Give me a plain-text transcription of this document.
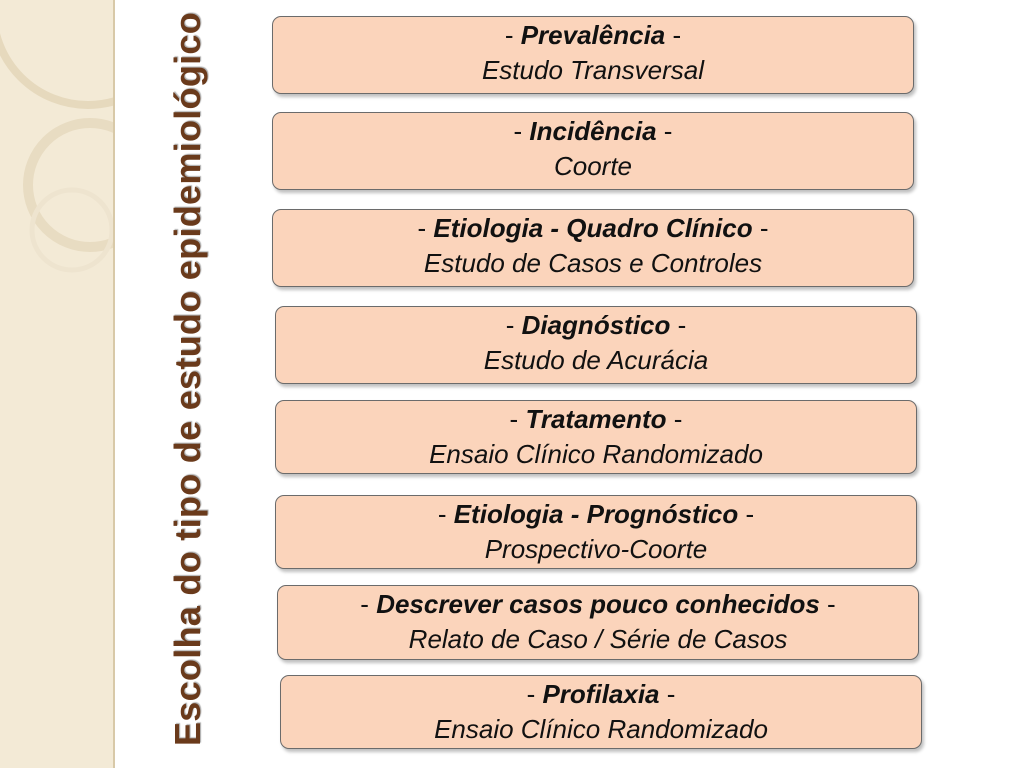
Escolha do tipo de estudo epidemiológico	- Prevalência -
Estudo Transversal
- Incidência -
Coorte
- Etiologia - Quadro Clínico -
Estudo de Casos e Controles
- Diagnóstico -
Estudo de Acurácia
- Tratamento -
Ensaio Clínico Randomizado
- Etiologia - Prognóstico -
Prospectivo-Coorte
- Descrever casos pouco conhecidos -
Relato de Caso / Série de Casos
- Profilaxia -
Ensaio Clínico Randomizado
